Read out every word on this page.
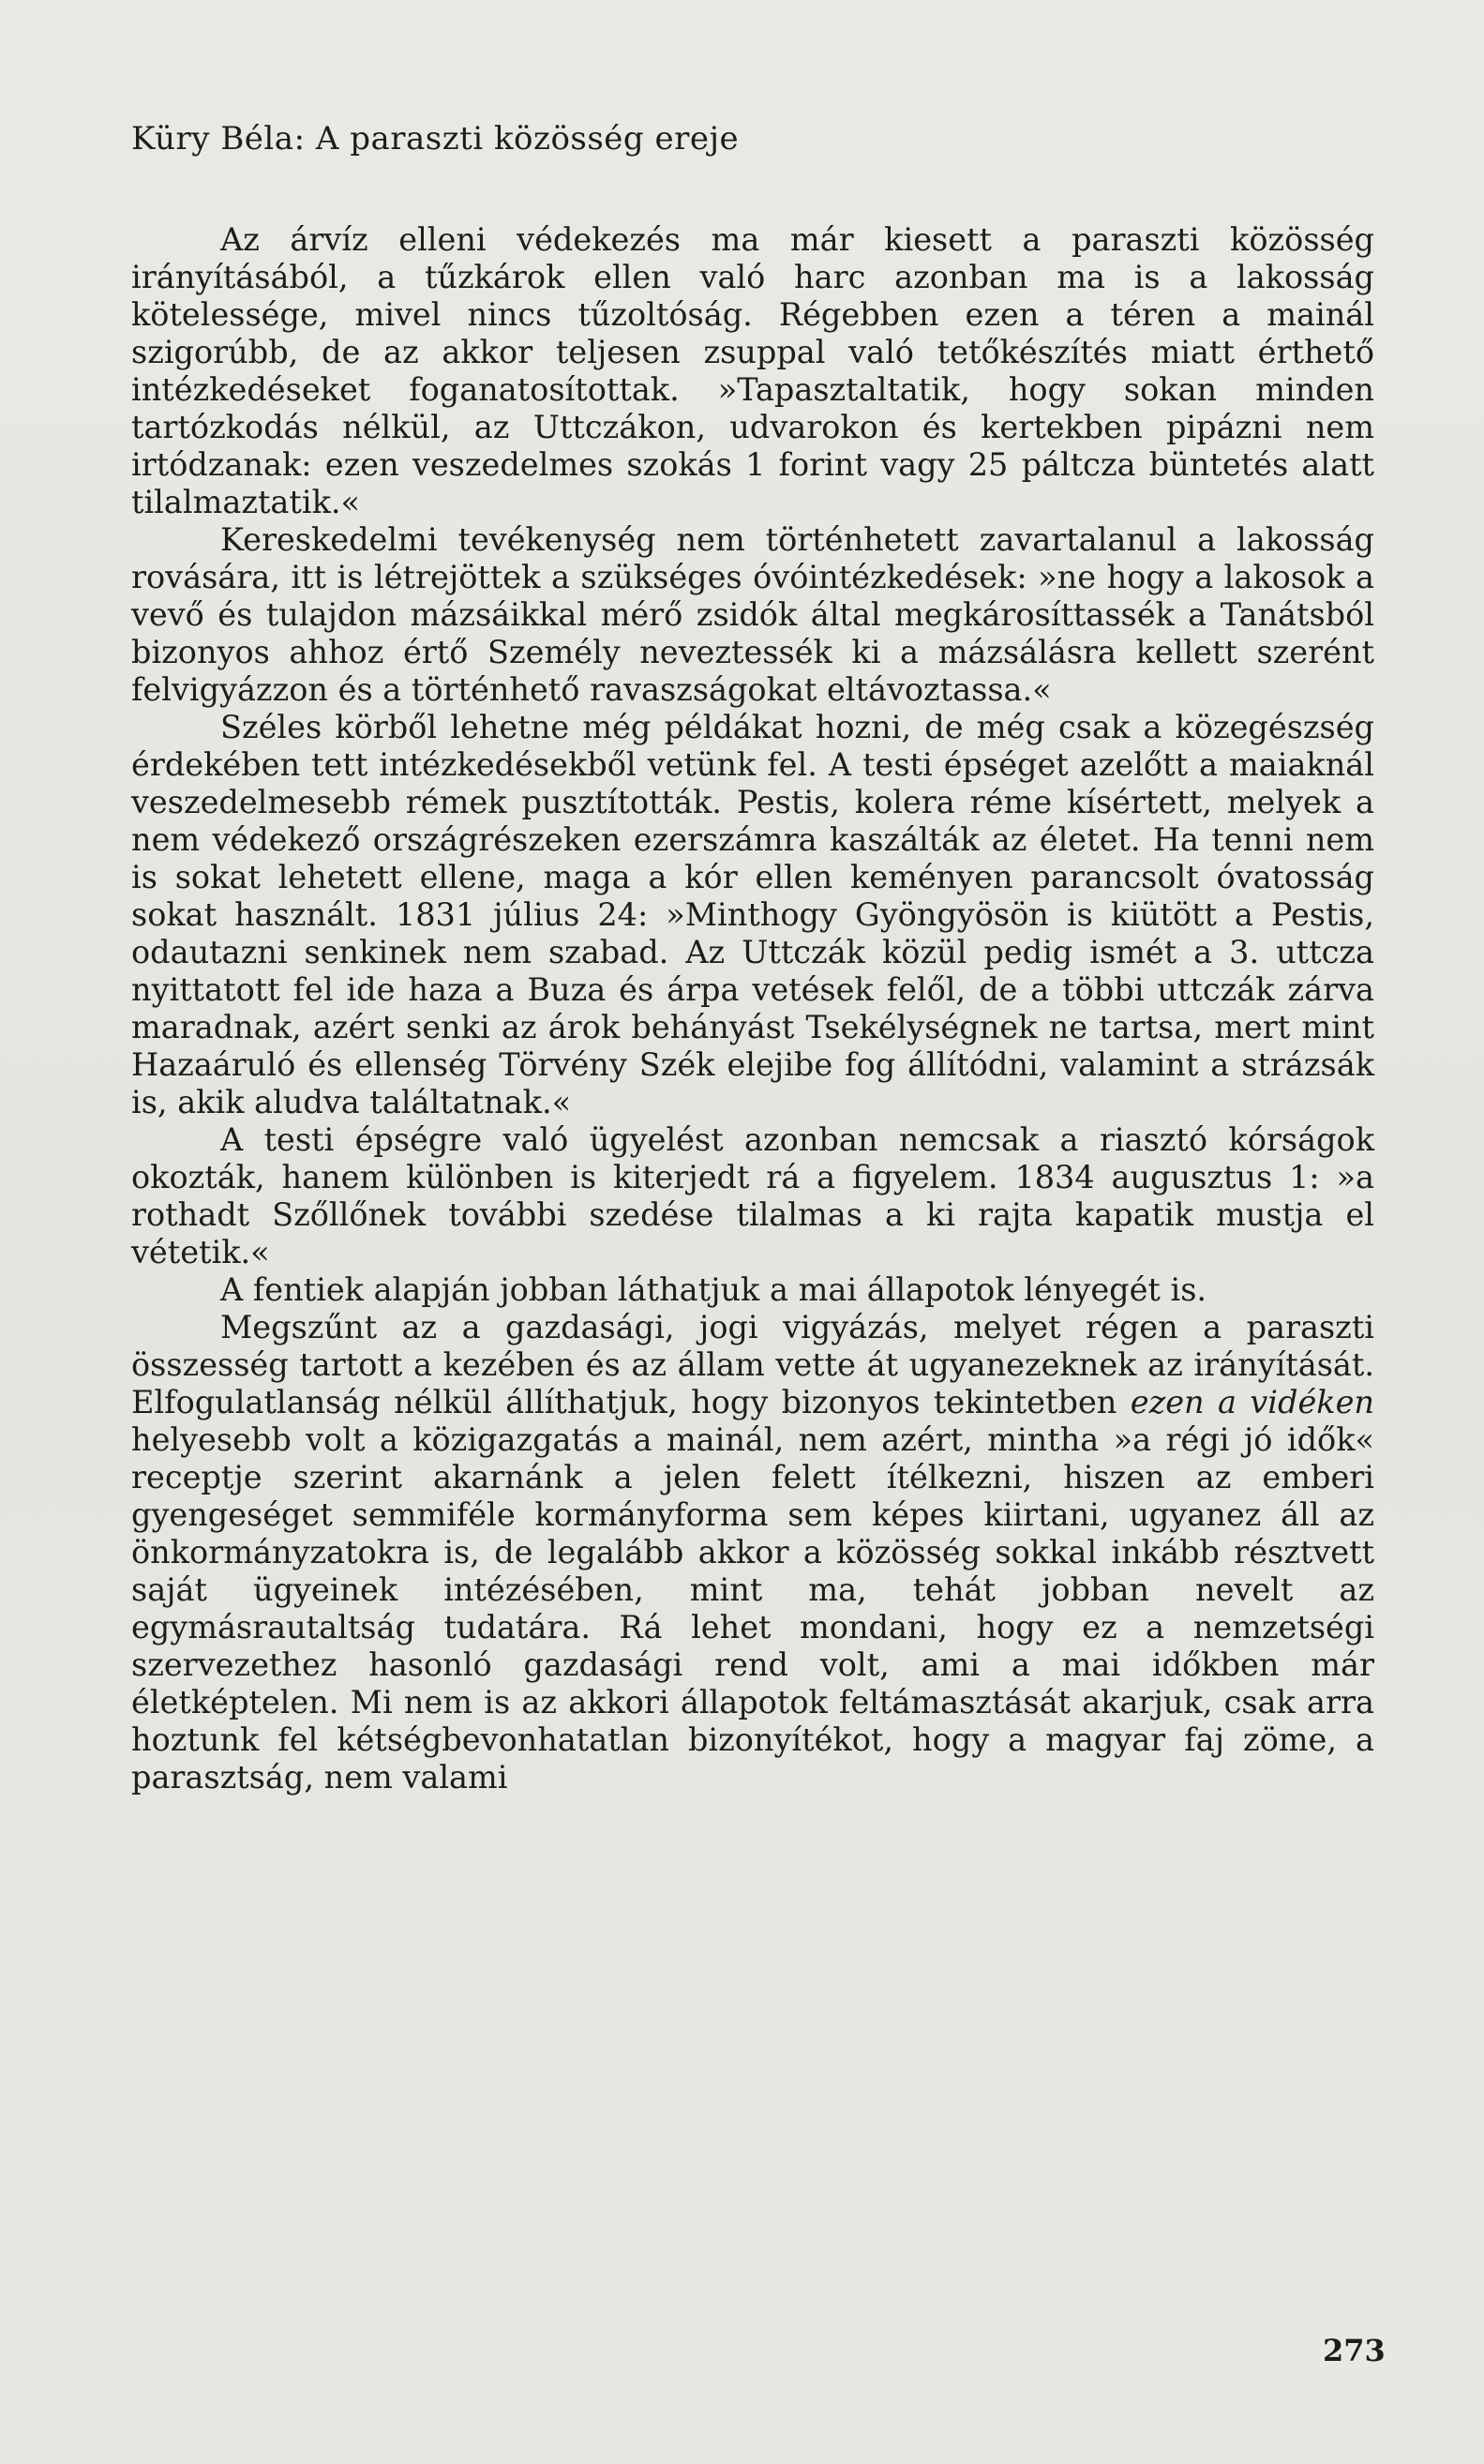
Küry Béla: A paraszti közösség ereje

Az árvíz elleni védekezés ma már kiesett a paraszti közösség irányításából, a tűzkárok ellen való harc azonban ma is a lakosság kötelessége, mivel nincs tűzoltóság. Régebben ezen a téren a mainál szigorúbb, de az akkor teljesen zsuppal való tetőkészítés miatt érthető intézkedéseket foganatosítottak. »Tapasztaltatik, hogy sokan minden tartózkodás nélkül, az Uttczákon, udvarokon és kertekben pipázni nem irtódzanak: ezen veszedelmes szokás 1 forint vagy 25 páltcza büntetés alatt tilalmaztatik.«

Kereskedelmi tevékenység nem történhetett zavartalanul a lakosság rovására, itt is létrejöttek a szükséges óvóintézkedések: »ne hogy a lakosok a vevő és tulajdon mázsáikkal mérő zsidók által megkárosíttassék a Tanátsból bizonyos ahhoz értő Személy neveztessék ki a mázsálásra kellett szerént felvigyázzon és a történhető ravaszságokat eltávoztassa.«

Széles körből lehetne még példákat hozni, de még csak a közegészség érdekében tett intézkedésekből vetünk fel. A testi épséget azelőtt a maiaknál veszedelmesebb rémek pusztították. Pestis, kolera réme kísértett, melyek a nem védekező országrészeken ezerszámra kaszálták az életet. Ha tenni nem is sokat lehetett ellene, maga a kór ellen keményen parancsolt óvatosság sokat használt. 1831 július 24: »Minthogy Gyöngyösön is kiütött a Pestis, odautazni senkinek nem szabad. Az Uttczák közül pedig ismét a 3. uttcza nyittatott fel ide haza a Buza és árpa vetések felől, de a többi uttczák zárva maradnak, azért senki az árok behányást Tsekélységnek ne tartsa, mert mint Hazaáruló és ellenség Törvény Szék elejibe fog állítódni, valamint a strázsák is, akik aludva találtatnak.«

A testi épségre való ügyelést azonban nemcsak a riasztó kórságok okozták, hanem különben is kiterjedt rá a figyelem. 1834 augusztus 1: »a rothadt Szőllőnek további szedése tilalmas a ki rajta kapatik mustja el vétetik.«

A fentiek alapján jobban láthatjuk a mai állapotok lényegét is.

Megszűnt az a gazdasági, jogi vigyázás, melyet régen a paraszti összesség tartott a kezében és az állam vette át ugyanezeknek az irányítását. Elfogulatlanság nélkül állíthatjuk, hogy bizonyos tekintetben ezen a vidéken helyesebb volt a közigazgatás a mainál, nem azért, mintha »a régi jó idők« receptje szerint akarnánk a jelen felett ítélkezni, hiszen az emberi gyengeséget semmiféle kormányforma sem képes kiirtani, ugyanez áll az önkormányzatokra is, de legalább akkor a közösség sokkal inkább résztvett saját ügyeinek intézésében, mint ma, tehát jobban nevelt az egymásrautaltság tudatára. Rá lehet mondani, hogy ez a nemzetségi szervezethez hasonló gazdasági rend volt, ami a mai időkben már életképtelen. Mi nem is az akkori állapotok feltámasztását akarjuk, csak arra hoztunk fel kétségbevonhatatlan bizonyítékot, hogy a magyar faj zöme, a parasztság, nem valami

273
